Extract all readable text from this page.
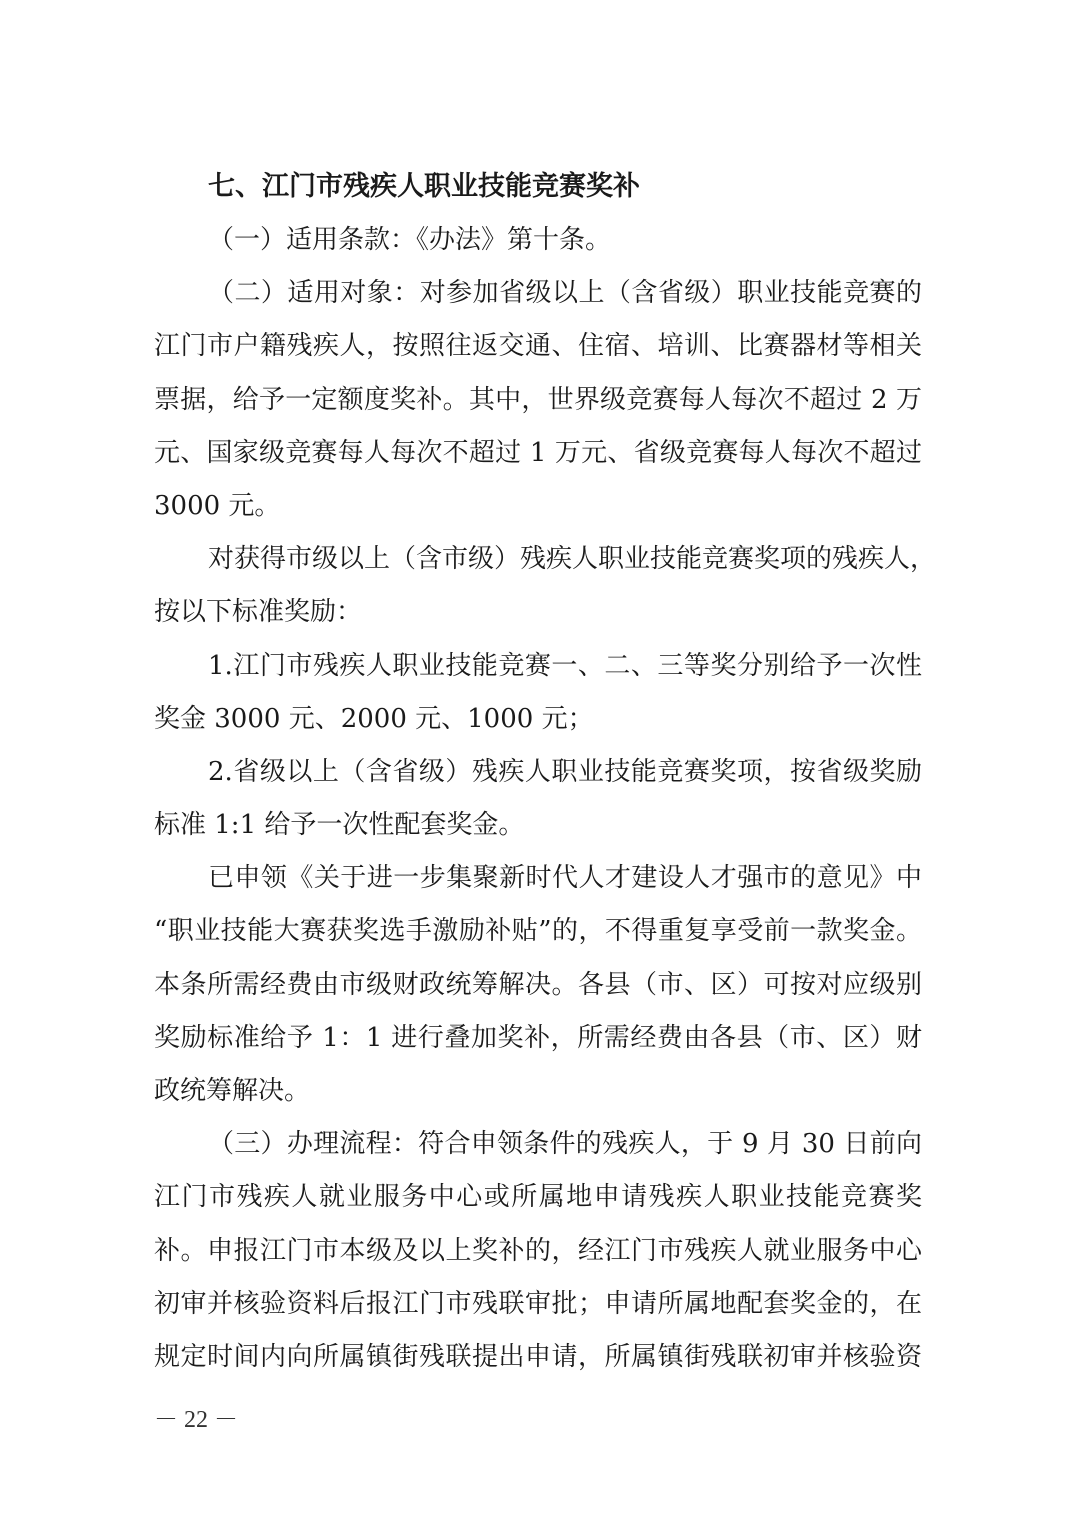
七、江门市残疾人职业技能竞赛奖补

（一）适用条款：《办法》第十条。

（二）适用对象：对参加省级以上（含省级）职业技能竞赛的
江门市户籍残疾人，按照往返交通、住宿、培训、比赛器材等相关
票据，给予一定额度奖补。其中，世界级竞赛每人每次不超过 2 万
元、国家级竞赛每人每次不超过 1 万元、省级竞赛每人每次不超过
3000 元。

对获得市级以上（含市级）残疾人职业技能竞赛奖项的残疾人，
按以下标准奖励：

1.江门市残疾人职业技能竞赛一、二、三等奖分别给予一次性
奖金 3000 元、2000 元、1000 元；

2.省级以上（含省级）残疾人职业技能竞赛奖项，按省级奖励
标准 1:1 给予一次性配套奖金。

已申领《关于进一步集聚新时代人才建设人才强市的意见》中
“职业技能大赛获奖选手激励补贴”的，不得重复享受前一款奖金。
本条所需经费由市级财政统筹解决。各县（市、区）可按对应级别
奖励标准给予 1：1 进行叠加奖补，所需经费由各县（市、区）财
政统筹解决。

（三）办理流程：符合申领条件的残疾人，于 9 月 30 日前向
江门市残疾人就业服务中心或所属地申请残疾人职业技能竞赛奖
补。申报江门市本级及以上奖补的，经江门市残疾人就业服务中心
初审并核验资料后报江门市残联审批；申请所属地配套奖金的，在
规定时间内向所属镇街残联提出申请，所属镇街残联初审并核验资

－ 22 －
